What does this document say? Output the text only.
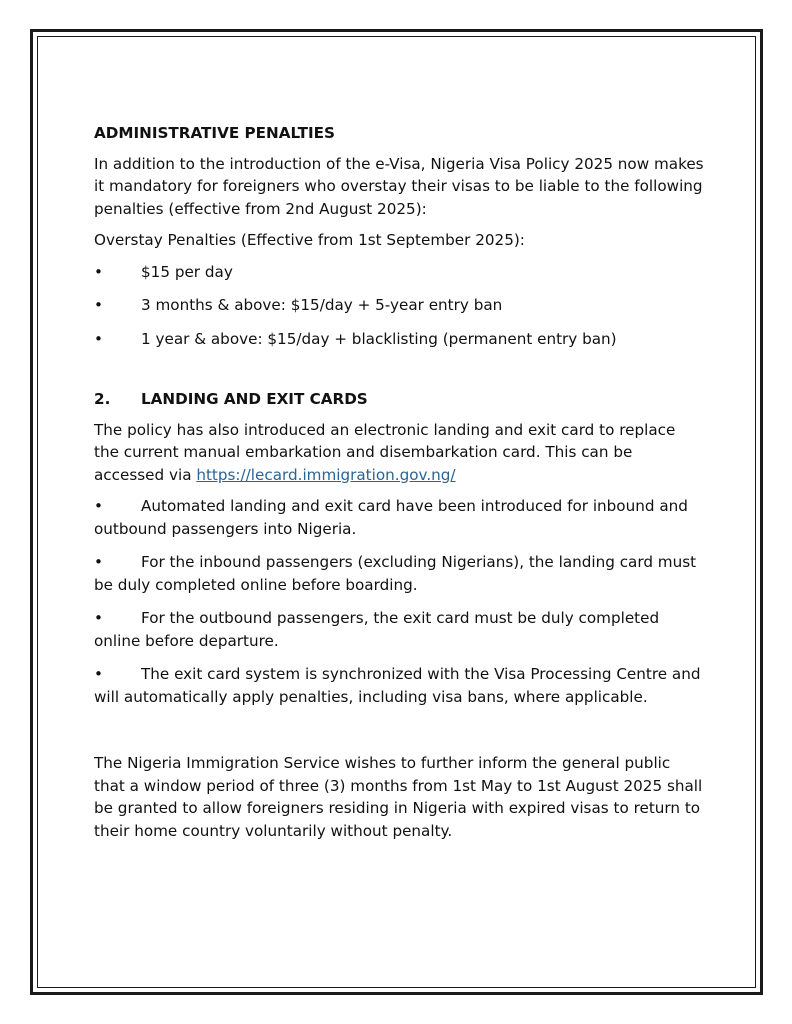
ADMINISTRATIVE PENALTIES

In addition to the introduction of the e-Visa, Nigeria Visa Policy 2025 now makes it mandatory for foreigners who overstay their visas to be liable to the following penalties (effective from 2nd August 2025):

Overstay Penalties (Effective from 1st September 2025):

•	$15 per day
•	3 months & above: $15/day + 5-year entry ban
•	1 year & above: $15/day + blacklisting (permanent entry ban)
2.	LANDING AND EXIT CARDS

The policy has also introduced an electronic landing and exit card to replace the current manual embarkation and disembarkation card. This can be accessed via https://lecard.immigration.gov.ng/

•	Automated landing and exit card have been introduced for inbound and outbound passengers into Nigeria.
•	For the inbound passengers (excluding Nigerians), the landing card must be duly completed online before boarding.
•	For the outbound passengers, the exit card must be duly completed online before departure.
•	The exit card system is synchronized with the Visa Processing Centre and will automatically apply penalties, including visa bans, where applicable.

The Nigeria Immigration Service wishes to further inform the general public that a window period of three (3) months from 1st May to 1st August 2025 shall be granted to allow foreigners residing in Nigeria with expired visas to return to their home country voluntarily without penalty.
